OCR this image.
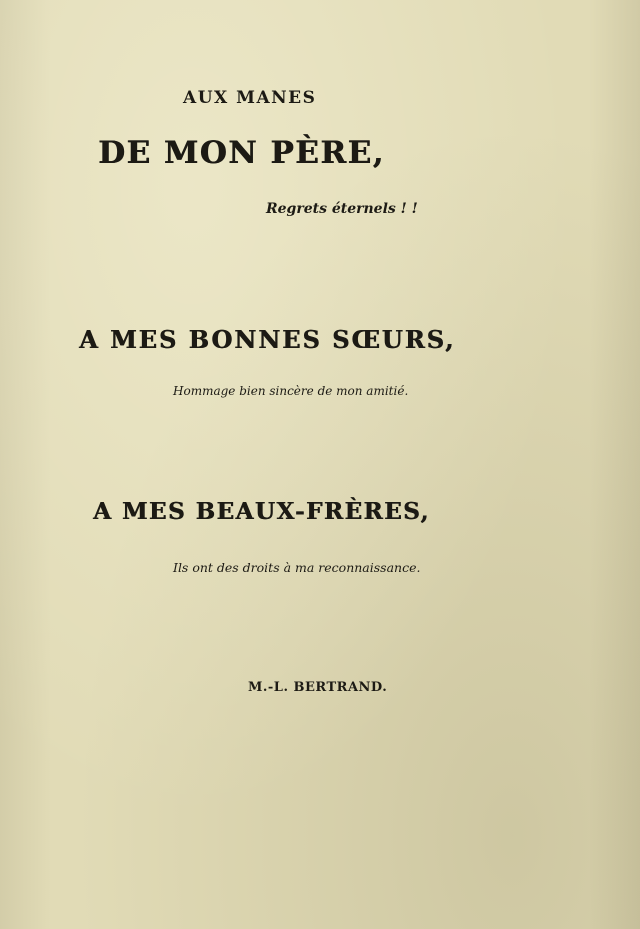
AUX MANES
DE MON PÈRE,
Regrets éternels ! !
A MES BONNES SŒURS,
Hommage bien sincère de mon amitié.
A MES BEAUX-FRÈRES,
Ils ont des droits à ma reconnaissance.
M.-L. BERTRAND.
